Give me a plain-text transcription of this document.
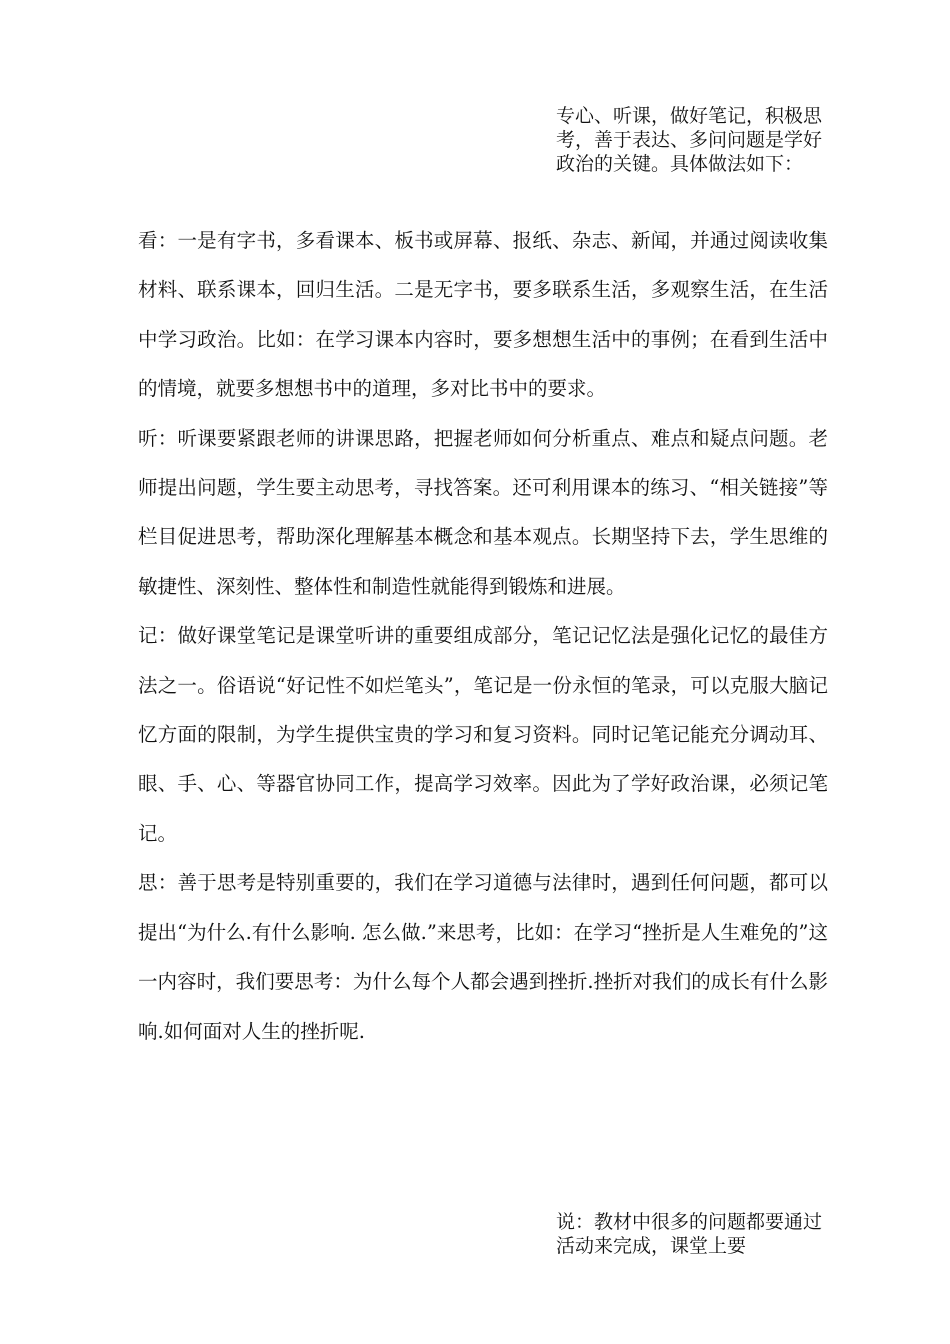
专心、听课，做好笔记，积极思考，善于表达、多问问题是学好政治的关键。具体做法如下：

看：一是有字书，多看课本、板书或屏幕、报纸、杂志、新闻，并通过阅读收集材料、联系课本，回归生活。二是无字书，要多联系生活，多观察生活，在生活中学习政治。比如：在学习课本内容时，要多想想生活中的事例；在看到生活中的情境，就要多想想书中的道理，多对比书中的要求。

听：听课要紧跟老师的讲课思路，把握老师如何分析重点、难点和疑点问题。老师提出问题，学生要主动思考，寻找答案。还可利用课本的练习、“相关链接”等栏目促进思考，帮助深化理解基本概念和基本观点。长期坚持下去，学生思维的敏捷性、深刻性、整体性和制造性就能得到锻炼和进展。

记：做好课堂笔记是课堂听讲的重要组成部分，笔记记忆法是强化记忆的最佳方法之一。俗语说“好记性不如烂笔头”，笔记是一份永恒的笔录，可以克服大脑记忆方面的限制，为学生提供宝贵的学习和复习资料。同时记笔记能充分调动耳、眼、手、心、等器官协同工作，提高学习效率。因此为了学好政治课，必须记笔记。

思：善于思考是特别重要的，我们在学习道德与法律时，遇到任何问题，都可以提出“为什么.有什么影响. 怎么做.”来思考，比如：在学习“挫折是人生难免的”这一内容时，我们要思考：为什么每个人都会遇到挫折.挫折对我们的成长有什么影响.如何面对人生的挫折呢.

说：教材中很多的问题都要通过活动来完成，课堂上要
